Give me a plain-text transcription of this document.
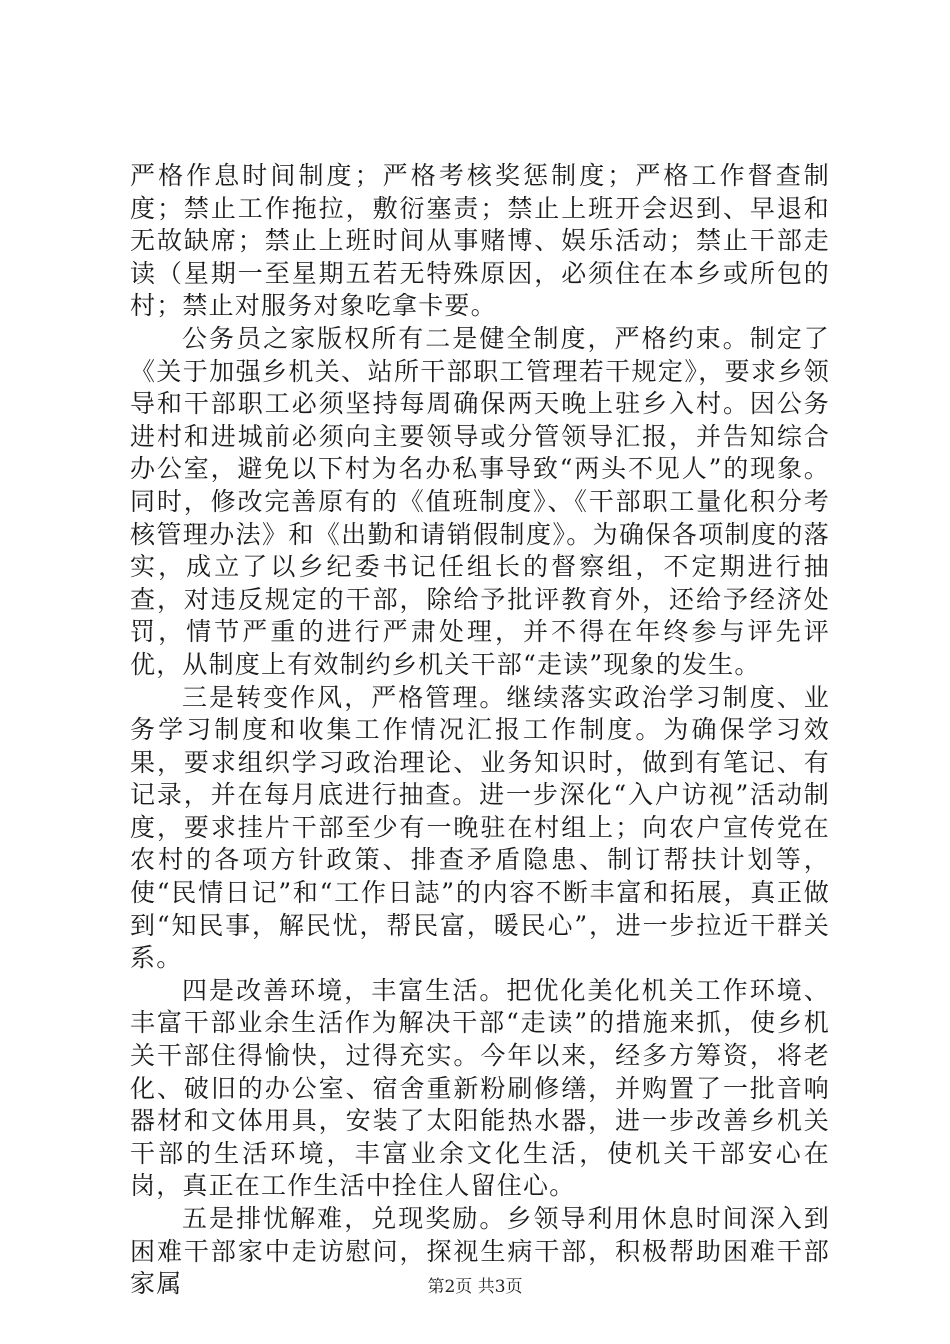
严格作息时间制度；严格考核奖惩制度；严格工作督查制度；禁止工作拖拉，敷衍塞责；禁止上班开会迟到、早退和无故缺席；禁止上班时间从事赌博、娱乐活动；禁止干部走读（星期一至星期五若无特殊原因，必须住在本乡或所包的村；禁止对服务对象吃拿卡要。

公务员之家版权所有二是健全制度，严格约束。制定了《关于加强乡机关、站所干部职工管理若干规定》，要求乡领导和干部职工必须坚持每周确保两天晚上驻乡入村。因公务进村和进城前必须向主要领导或分管领导汇报，并告知综合办公室，避免以下村为名办私事导致“两头不见人”的现象。同时，修改完善原有的《值班制度》、《干部职工量化积分考核管理办法》和《出勤和请销假制度》。为确保各项制度的落实，成立了以乡纪委书记任组长的督察组，不定期进行抽查，对违反规定的干部，除给予批评教育外，还给予经济处罚，情节严重的进行严肃处理，并不得在年终参与评先评优，从制度上有效制约乡机关干部“走读”现象的发生。

三是转变作风，严格管理。继续落实政治学习制度、业务学习制度和收集工作情况汇报工作制度。为确保学习效果，要求组织学习政治理论、业务知识时，做到有笔记、有记录，并在每月底进行抽查。进一步深化“入户访视”活动制度，要求挂片干部至少有一晚驻在村组上；向农户宣传党在农村的各项方针政策、排查矛盾隐患、制订帮扶计划等，使“民情日记”和“工作日誌”的内容不断丰富和拓展，真正做到“知民事，解民忧，帮民富，暖民心”，进一步拉近干群关系。

四是改善环境，丰富生活。把优化美化机关工作环境、丰富干部业余生活作为解决干部“走读”的措施来抓，使乡机关干部住得愉快，过得充实。今年以来，经多方筹资，将老化、破旧的办公室、宿舍重新粉刷修缮，并购置了一批音响器材和文体用具，安装了太阳能热水器，进一步改善乡机关干部的生活环境，丰富业余文化生活，使机关干部安心在岗，真正在工作生活中拴住人留住心。

五是排忧解难，兑现奖励。乡领导利用休息时间深入到困难干部家中走访慰问，探视生病干部，积极帮助困难干部家属	第2页 共3页
